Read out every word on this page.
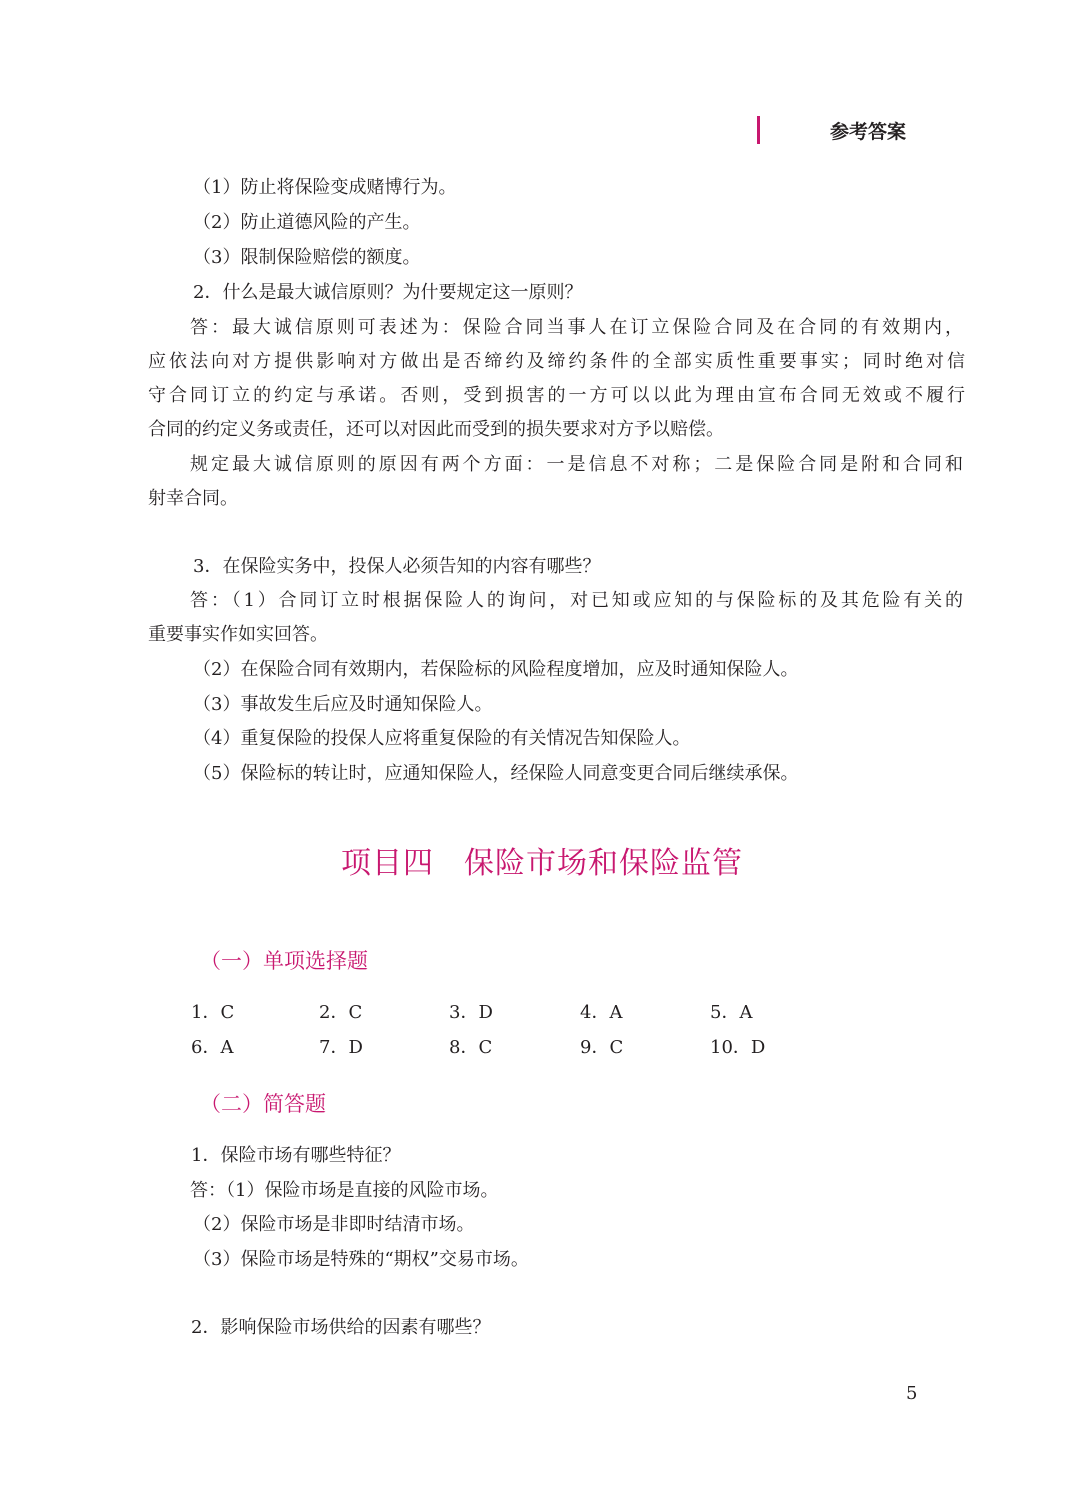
参考答案
（1）防止将保险变成赌博行为。
（2）防止道德风险的产生。
（3）限制保险赔偿的额度。
2．什么是最大诚信原则？为什要规定这一原则？
答：最大诚信原则可表述为：保险合同当事人在订立保险合同及在合同的有效期内，
应依法向对方提供影响对方做出是否缔约及缔约条件的全部实质性重要事实；同时绝对信
守合同订立的约定与承诺。否则，受到损害的一方可以以此为理由宣布合同无效或不履行
合同的约定义务或责任，还可以对因此而受到的损失要求对方予以赔偿。
规定最大诚信原则的原因有两个方面：一是信息不对称；二是保险合同是附和合同和
射幸合同。
3．在保险实务中，投保人必须告知的内容有哪些？
答：（1）合同订立时根据保险人的询问，对已知或应知的与保险标的及其危险有关的
重要事实作如实回答。
（2）在保险合同有效期内，若保险标的风险程度增加，应及时通知保险人。
（3）事故发生后应及时通知保险人。
（4）重复保险的投保人应将重复保险的有关情况告知保险人。
（5）保险标的转让时，应通知保险人，经保险人同意变更合同后继续承保。
项目四 保险市场和保险监管
（一）单项选择题
1．C	2．C	3．D	4．A	5．A
6．A	7．D	8．C	9．C	10．D
（二）简答题
1．保险市场有哪些特征？
答：（1）保险市场是直接的风险市场。
（2）保险市场是非即时结清市场。
（3）保险市场是特殊的“期权”交易市场。
2．影响保险市场供给的因素有哪些？
5
